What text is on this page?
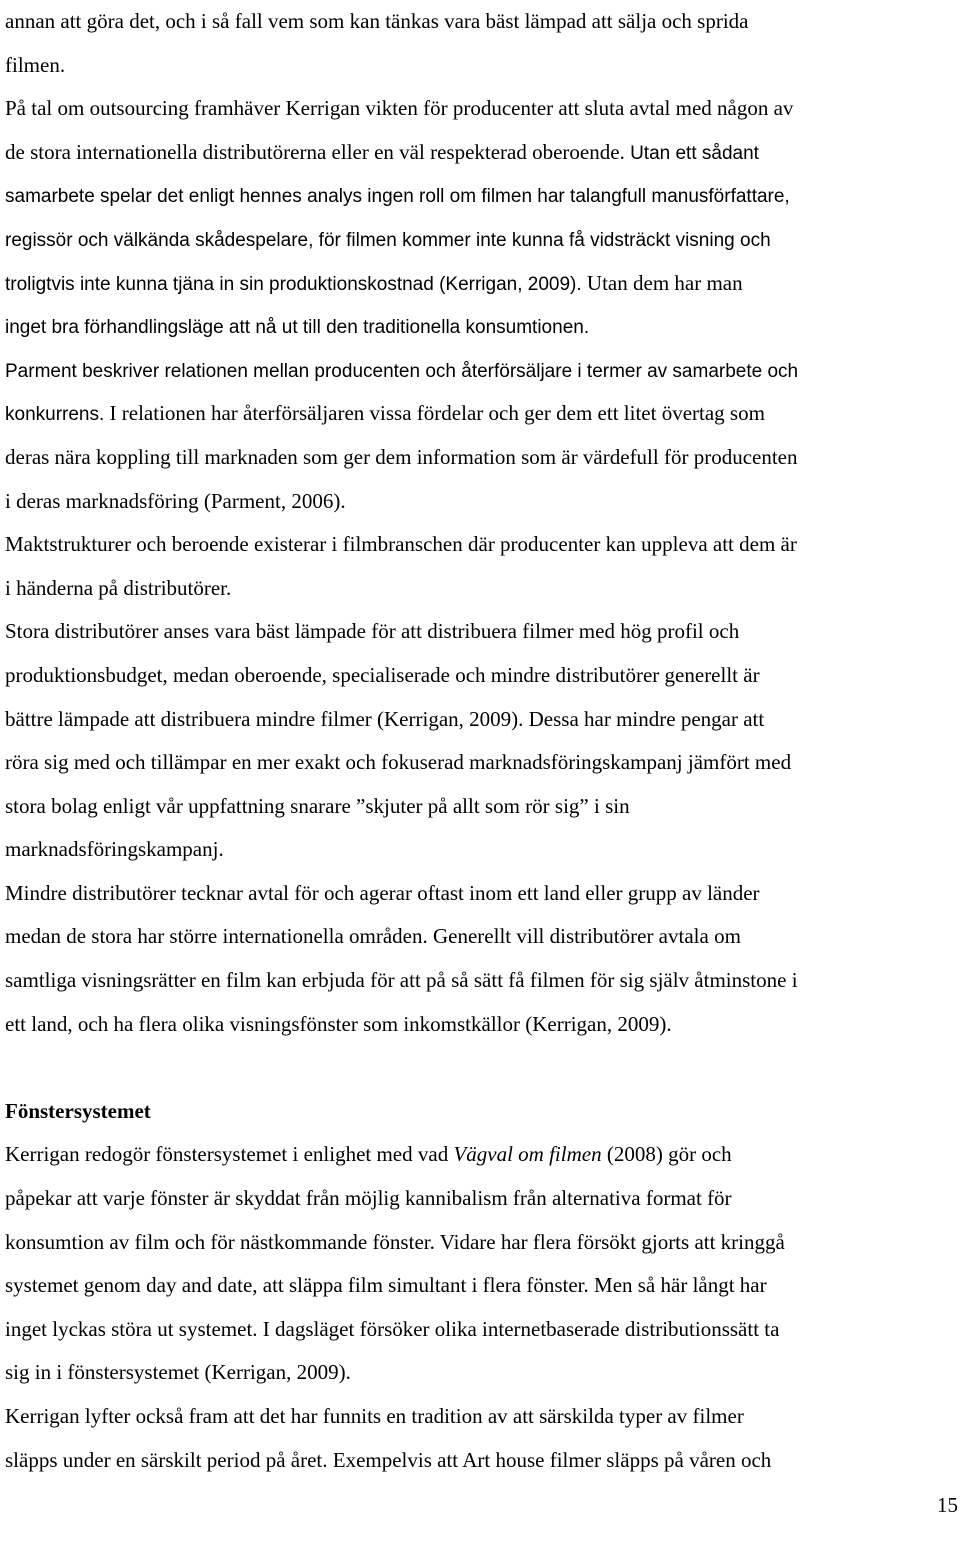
annan att göra det, och i så fall vem som kan tänkas vara bäst lämpad att sälja och sprida
filmen.
På tal om outsourcing framhäver Kerrigan vikten för producenter att sluta avtal med någon av
de stora internationella distributörerna eller en väl respekterad oberoende. Utan ett sådant
samarbete spelar det enligt hennes analys ingen roll om filmen har talangfull manusförfattare,
regissör och välkända skådespelare, för filmen kommer inte kunna få vidsträckt visning och
troligtvis inte kunna tjäna in sin produktionskostnad (Kerrigan, 2009). Utan dem har man
inget bra förhandlingsläge att nå ut till den traditionella konsumtionen.
Parment beskriver relationen mellan producenten och återförsäljare i termer av samarbete och
konkurrens. I relationen har återförsäljaren vissa fördelar och ger dem ett litet övertag som
deras nära koppling till marknaden som ger dem information som är värdefull för producenten
i deras marknadsföring (Parment, 2006).
Maktstrukturer och beroende existerar i filmbranschen där producenter kan uppleva att dem är
i händerna på distributörer.
Stora distributörer anses vara bäst lämpade för att distribuera filmer med hög profil och
produktionsbudget, medan oberoende, specialiserade och mindre distributörer generellt är
bättre lämpade att distribuera mindre filmer (Kerrigan, 2009). Dessa har mindre pengar att
röra sig med och tillämpar en mer exakt och fokuserad marknadsföringskampanj jämfört med
stora bolag enligt vår uppfattning snarare ”skjuter på allt som rör sig” i sin
marknadsföringskampanj.
Mindre distributörer tecknar avtal för och agerar oftast inom ett land eller grupp av länder
medan de stora har större internationella områden. Generellt vill distributörer avtala om
samtliga visningsrätter en film kan erbjuda för att på så sätt få filmen för sig själv åtminstone i
ett land, och ha flera olika visningsfönster som inkomstkällor (Kerrigan, 2009).
Fönstersystemet
Kerrigan redogör fönstersystemet i enlighet med vad Vägval om filmen (2008) gör och
påpekar att varje fönster är skyddat från möjlig kannibalism från alternativa format för
konsumtion av film och för nästkommande fönster. Vidare har flera försökt gjorts att kringgå
systemet genom day and date, att släppa film simultant i flera fönster. Men så här långt har
inget lyckas störa ut systemet. I dagsläget försöker olika internetbaserade distributionssätt ta
sig in i fönstersystemet (Kerrigan, 2009).
Kerrigan lyfter också fram att det har funnits en tradition av att särskilda typer av filmer
släpps under en särskilt period på året. Exempelvis att Art house filmer släpps på våren och
15
